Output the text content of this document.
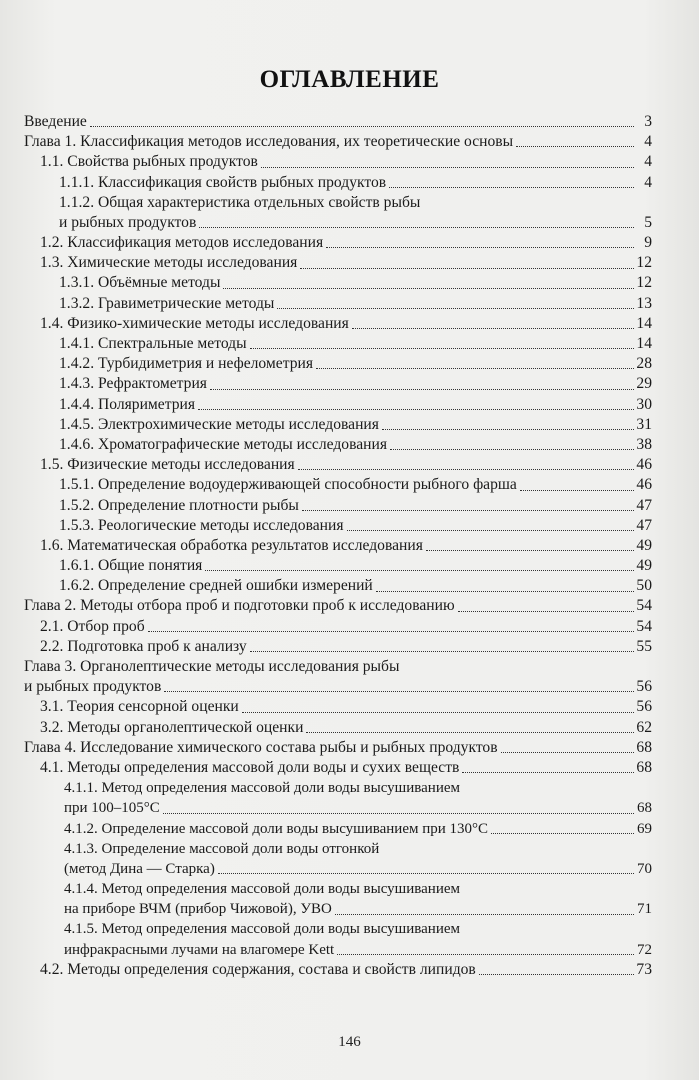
ОГЛАВЛЕНИЕ
Введение	3
Глава 1. Классификация методов исследования, их теоретические основы	4
1.1. Свойства рыбных продуктов	4
1.1.1. Классификация свойств рыбных продуктов	4
1.1.2. Общая характеристика отдельных свойств рыбы
и рыбных продуктов	5
1.2. Классификация методов исследования	9
1.3. Химические методы исследования	12
1.3.1. Объёмные методы	12
1.3.2. Гравиметрические методы	13
1.4. Физико-химические методы исследования	14
1.4.1. Спектральные методы	14
1.4.2. Турбидиметрия и нефелометрия	28
1.4.3. Рефрактометрия	29
1.4.4. Поляриметрия	30
1.4.5. Электрохимические методы исследования	31
1.4.6. Хроматографические методы исследования	38
1.5. Физические методы исследования	46
1.5.1. Определение водоудерживающей способности рыбного фарша	46
1.5.2. Определение плотности рыбы	47
1.5.3. Реологические методы исследования	47
1.6. Математическая обработка результатов исследования	49
1.6.1. Общие понятия	49
1.6.2. Определение средней ошибки измерений	50
Глава 2. Методы отбора проб и подготовки проб к исследованию	54
2.1. Отбор проб	54
2.2. Подготовка проб к анализу	55
Глава 3. Органолептические методы исследования рыбы
и рыбных продуктов	56
3.1. Теория сенсорной оценки	56
3.2. Методы органолептической оценки	62
Глава 4. Исследование химического состава рыбы и рыбных продуктов	68
4.1. Методы определения массовой доли воды и сухих веществ	68
4.1.1. Метод определения массовой доли воды высушиванием
при 100–105°С	68
4.1.2. Определение массовой доли воды высушиванием при 130°С	69
4.1.3. Определение массовой доли воды отгонкой
(метод Дина — Старка)	70
4.1.4. Метод определения массовой доли воды высушиванием
на приборе ВЧМ (прибор Чижовой), УВО	71
4.1.5. Метод определения массовой доли воды высушиванием
инфракрасными лучами на влагомере Kett	72
4.2. Методы определения содержания, состава и свойств липидов	73
146
